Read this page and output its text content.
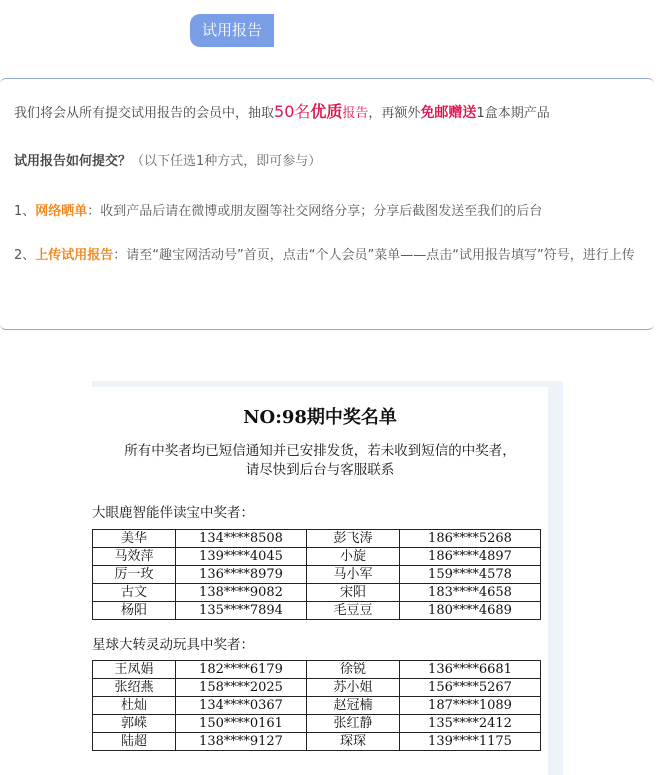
试用报告
我们将会从所有提交试用报告的会员中，抽取50名优质报告，再额外免邮赠送1盒本期产品
试用报告如何提交？（以下任选1种方式，即可参与）
1、网络晒单：收到产品后请在微博或朋友圈等社交网络分享；分享后截图发送至我们的后台
2、上传试用报告：请至“趣宝网活动号”首页，点击“个人会员”菜单——点击“试用报告填写”符号，进行上传
NO:98期中奖名单
所有中奖者均已短信通知并已安排发货，若未收到短信的中奖者，
请尽快到后台与客服联系
大眼鹿智能伴读宝中奖者：
美华	134****8508	彭飞涛	186****5268
马效萍	139****4045	小旋	186****4897
厉一玫	136****8979	马小军	159****4578
古文	138****9082	宋阳	183****4658
杨阳	135****7894	毛豆豆	180****4689
星球大转灵动玩具中奖者：
王凤娟	182****6179	徐锐	136****6681
张绍燕	158****2025	苏小姐	156****5267
杜灿	134****0367	赵冠楠	187****1089
郭嵘	150****0161	张红静	135****2412
陆超	138****9127	琛琛	139****1175
